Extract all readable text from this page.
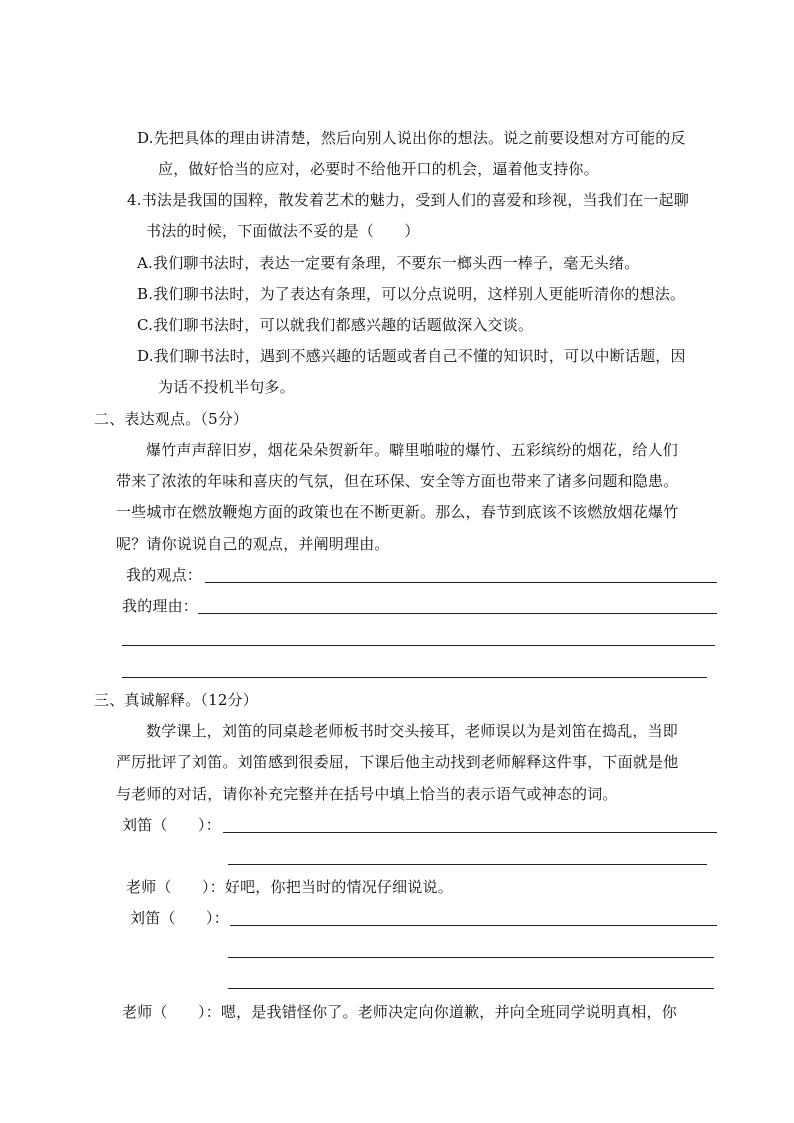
D.先把具体的理由讲清楚，然后向别人说出你的想法。说之前要设想对方可能的反
应，做好恰当的应对，必要时不给他开口的机会，逼着他支持你。
4.书法是我国的国粹，散发着艺术的魅力，受到人们的喜爱和珍视，当我们在一起聊
书法的时候，下面做法不妥的是（　　）
A.我们聊书法时，表达一定要有条理，不要东一榔头西一棒子，毫无头绪。
B.我们聊书法时，为了表达有条理，可以分点说明，这样别人更能听清你的想法。
C.我们聊书法时，可以就我们都感兴趣的话题做深入交谈。
D.我们聊书法时，遇到不感兴趣的话题或者自己不懂的知识时，可以中断话题，因
为话不投机半句多。
二、表达观点。（5分）
爆竹声声辞旧岁，烟花朵朵贺新年。噼里啪啦的爆竹、五彩缤纷的烟花，给人们
带来了浓浓的年味和喜庆的气氛，但在环保、安全等方面也带来了诸多问题和隐患。
一些城市在燃放鞭炮方面的政策也在不断更新。那么，春节到底该不该燃放烟花爆竹
呢？请你说说自己的观点，并阐明理由。
我的观点：
我的理由：
三、真诚解释。（12分）
数学课上，刘笛的同桌趁老师板书时交头接耳，老师误以为是刘笛在捣乱，当即
严厉批评了刘笛。刘笛感到很委屈，下课后他主动找到老师解释这件事，下面就是他
与老师的对话，请你补充完整并在括号中填上恰当的表示语气或神态的词。
刘笛（　　）：
老师（　　）：好吧，你把当时的情况仔细说说。
刘笛（　　）：
老师（　　）：嗯，是我错怪你了。老师决定向你道歉，并向全班同学说明真相，你
